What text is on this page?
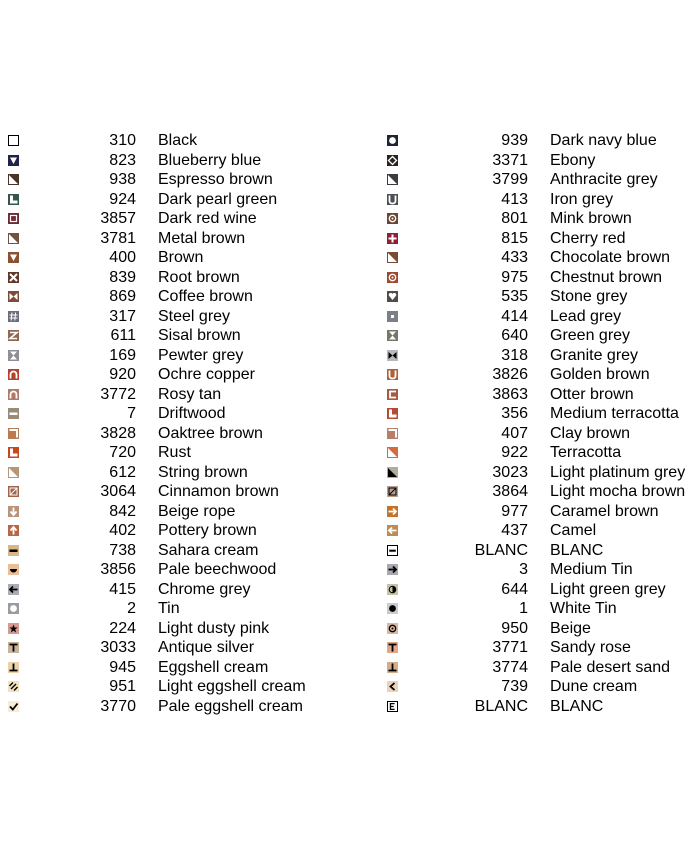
310 Black
823 Blueberry blue
938 Espresso brown
924 Dark pearl green
3857 Dark red wine
3781 Metal brown
400 Brown
839 Root brown
869 Coffee brown
317 Steel grey
611 Sisal brown
169 Pewter grey
920 Ochre copper
3772 Rosy tan
7 Driftwood
3828 Oaktree brown
720 Rust
612 String brown
3064 Cinnamon brown
842 Beige rope
402 Pottery brown
738 Sahara cream
3856 Pale beechwood
415 Chrome grey
2 Tin
224 Light dusty pink
3033 Antique silver
945 Eggshell cream
951 Light eggshell cream
3770 Pale eggshell cream
939 Dark navy blue
3371 Ebony
3799 Anthracite grey
413 Iron grey
801 Mink brown
815 Cherry red
433 Chocolate brown
975 Chestnut brown
535 Stone grey
414 Lead grey
640 Green grey
318 Granite grey
3826 Golden brown
3863 Otter brown
356 Medium terracotta
407 Clay brown
922 Terracotta
3023 Light platinum grey
3864 Light mocha brown
977 Caramel brown
437 Camel
BLANC BLANC
3 Medium Tin
644 Light green grey
1 White Tin
950 Beige
3771 Sandy rose
3774 Pale desert sand
739 Dune cream
BLANC BLANC
